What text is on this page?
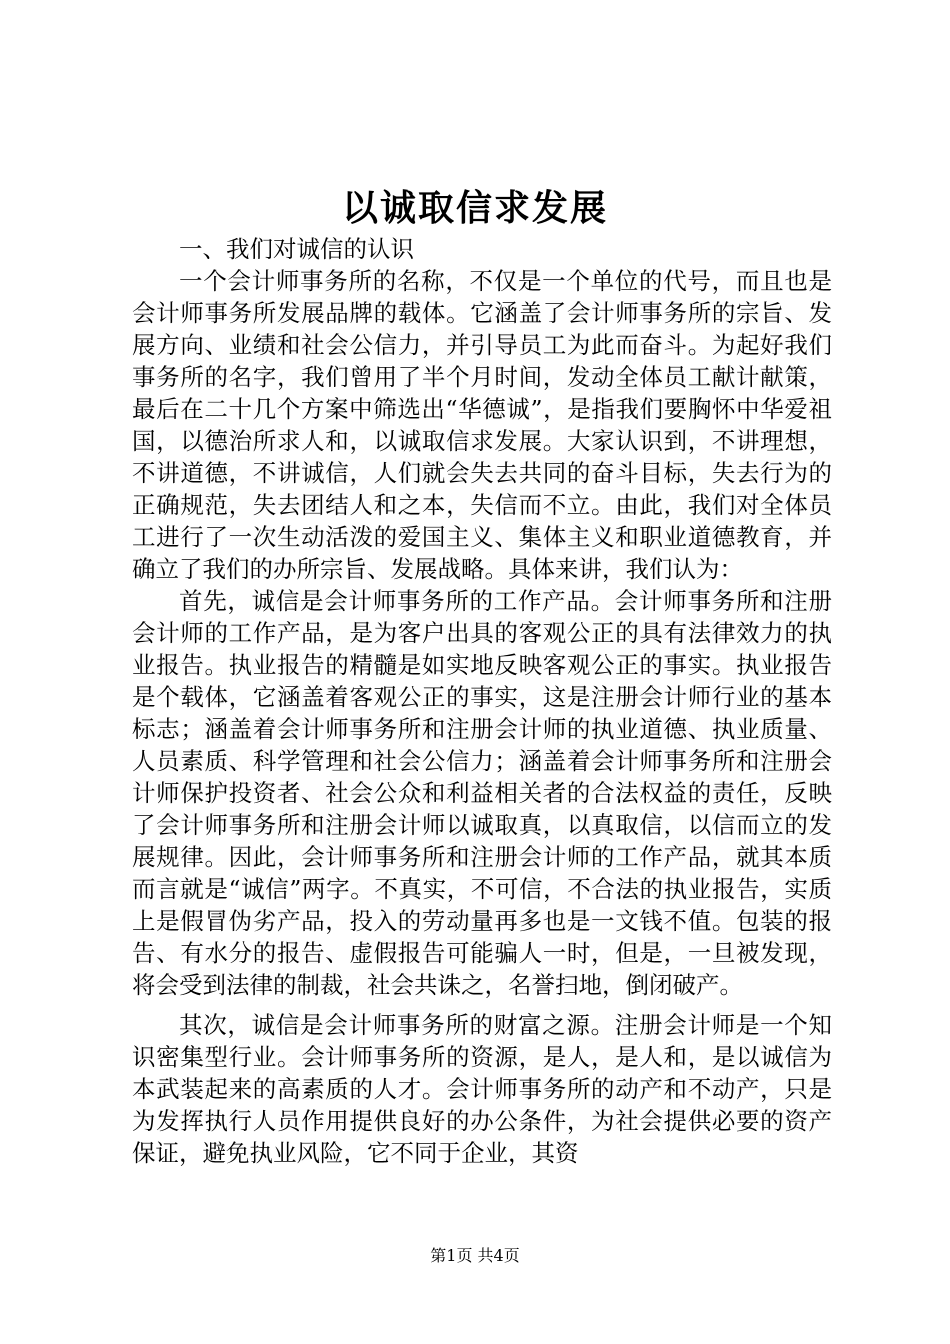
以诚取信求发展

一、我们对诚信的认识

一个会计师事务所的名称，不仅是一个单位的代号，而且也是会计师事务所发展品牌的载体。它涵盖了会计师事务所的宗旨、发展方向、业绩和社会公信力，并引导员工为此而奋斗。为起好我们事务所的名字，我们曾用了半个月时间，发动全体员工献计献策，最后在二十几个方案中筛选出“华德诚”，是指我们要胸怀中华爱祖国，以德治所求人和，以诚取信求发展。大家认识到，不讲理想，不讲道德，不讲诚信，人们就会失去共同的奋斗目标，失去行为的正确规范，失去团结人和之本，失信而不立。由此，我们对全体员工进行了一次生动活泼的爱国主义、集体主义和职业道德教育，并确立了我们的办所宗旨、发展战略。具体来讲，我们认为：

首先，诚信是会计师事务所的工作产品。会计师事务所和注册会计师的工作产品，是为客户出具的客观公正的具有法律效力的执业报告。执业报告的精髓是如实地反映客观公正的事实。执业报告是个载体，它涵盖着客观公正的事实，这是注册会计师行业的基本标志；涵盖着会计师事务所和注册会计师的执业道德、执业质量、人员素质、科学管理和社会公信力；涵盖着会计师事务所和注册会计师保护投资者、社会公众和利益相关者的合法权益的责任，反映了会计师事务所和注册会计师以诚取真，以真取信，以信而立的发展规律。因此，会计师事务所和注册会计师的工作产品，就其本质而言就是“诚信”两字。不真实，不可信，不合法的执业报告，实质上是假冒伪劣产品，投入的劳动量再多也是一文钱不值。包装的报告、有水分的报告、虚假报告可能骗人一时，但是，一旦被发现，将会受到法律的制裁，社会共诛之，名誉扫地，倒闭破产。

其次，诚信是会计师事务所的财富之源。注册会计师是一个知识密集型行业。会计师事务所的资源，是人，是人和，是以诚信为本武装起来的高素质的人才。会计师事务所的动产和不动产，只是为发挥执行人员作用提供良好的办公条件，为社会提供必要的资产保证，避免执业风险，它不同于企业，其资

第1页 共4页
